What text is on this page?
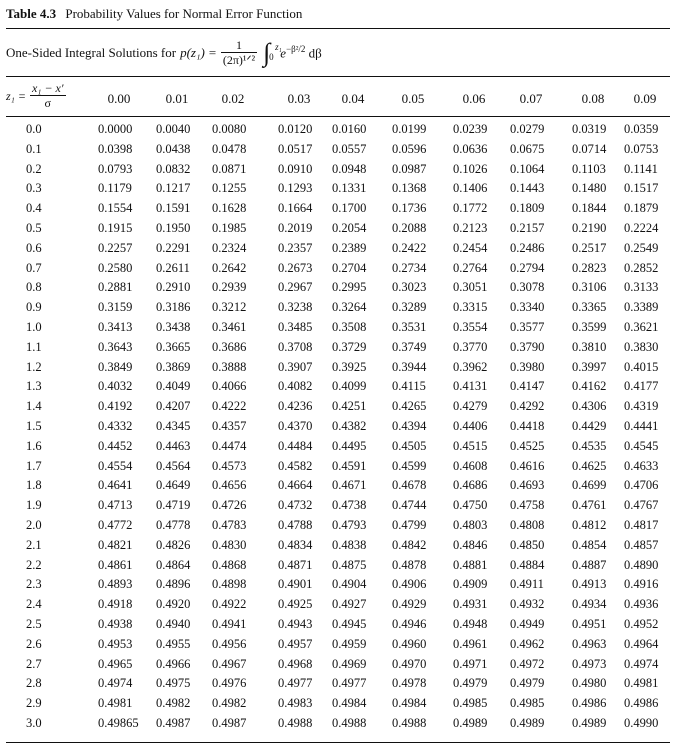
Table 4.3 Probability Values for Normal Error Function
One-Sided Integral Solutions for $p(z_1) = \frac{1}{\text{(2π)¹ᐟ²}}$ ∫ z₁
0 $e^{-\beta^2/2}$ dβ
$z_1 = \frac{\text{x₁ − x′}}{\sigma}$	0.00	0.01	0.02	0.03	0.04	0.05	0.06	0.07	0.08	0.09
0.0	0.0000	0.0040	0.0080	0.0120	0.0160	0.0199	0.0239	0.0279	0.0319	0.0359
0.1	0.0398	0.0438	0.0478	0.0517	0.0557	0.0596	0.0636	0.0675	0.0714	0.0753
0.2	0.0793	0.0832	0.0871	0.0910	0.0948	0.0987	0.1026	0.1064	0.1103	0.1141
0.3	0.1179	0.1217	0.1255	0.1293	0.1331	0.1368	0.1406	0.1443	0.1480	0.1517
0.4	0.1554	0.1591	0.1628	0.1664	0.1700	0.1736	0.1772	0.1809	0.1844	0.1879
0.5	0.1915	0.1950	0.1985	0.2019	0.2054	0.2088	0.2123	0.2157	0.2190	0.2224
0.6	0.2257	0.2291	0.2324	0.2357	0.2389	0.2422	0.2454	0.2486	0.2517	0.2549
0.7	0.2580	0.2611	0.2642	0.2673	0.2704	0.2734	0.2764	0.2794	0.2823	0.2852
0.8	0.2881	0.2910	0.2939	0.2967	0.2995	0.3023	0.3051	0.3078	0.3106	0.3133
0.9	0.3159	0.3186	0.3212	0.3238	0.3264	0.3289	0.3315	0.3340	0.3365	0.3389
1.0	0.3413	0.3438	0.3461	0.3485	0.3508	0.3531	0.3554	0.3577	0.3599	0.3621
1.1	0.3643	0.3665	0.3686	0.3708	0.3729	0.3749	0.3770	0.3790	0.3810	0.3830
1.2	0.3849	0.3869	0.3888	0.3907	0.3925	0.3944	0.3962	0.3980	0.3997	0.4015
1.3	0.4032	0.4049	0.4066	0.4082	0.4099	0.4115	0.4131	0.4147	0.4162	0.4177
1.4	0.4192	0.4207	0.4222	0.4236	0.4251	0.4265	0.4279	0.4292	0.4306	0.4319
1.5	0.4332	0.4345	0.4357	0.4370	0.4382	0.4394	0.4406	0.4418	0.4429	0.4441
1.6	0.4452	0.4463	0.4474	0.4484	0.4495	0.4505	0.4515	0.4525	0.4535	0.4545
1.7	0.4554	0.4564	0.4573	0.4582	0.4591	0.4599	0.4608	0.4616	0.4625	0.4633
1.8	0.4641	0.4649	0.4656	0.4664	0.4671	0.4678	0.4686	0.4693	0.4699	0.4706
1.9	0.4713	0.4719	0.4726	0.4732	0.4738	0.4744	0.4750	0.4758	0.4761	0.4767
2.0	0.4772	0.4778	0.4783	0.4788	0.4793	0.4799	0.4803	0.4808	0.4812	0.4817
2.1	0.4821	0.4826	0.4830	0.4834	0.4838	0.4842	0.4846	0.4850	0.4854	0.4857
2.2	0.4861	0.4864	0.4868	0.4871	0.4875	0.4878	0.4881	0.4884	0.4887	0.4890
2.3	0.4893	0.4896	0.4898	0.4901	0.4904	0.4906	0.4909	0.4911	0.4913	0.4916
2.4	0.4918	0.4920	0.4922	0.4925	0.4927	0.4929	0.4931	0.4932	0.4934	0.4936
2.5	0.4938	0.4940	0.4941	0.4943	0.4945	0.4946	0.4948	0.4949	0.4951	0.4952
2.6	0.4953	0.4955	0.4956	0.4957	0.4959	0.4960	0.4961	0.4962	0.4963	0.4964
2.7	0.4965	0.4966	0.4967	0.4968	0.4969	0.4970	0.4971	0.4972	0.4973	0.4974
2.8	0.4974	0.4975	0.4976	0.4977	0.4977	0.4978	0.4979	0.4979	0.4980	0.4981
2.9	0.4981	0.4982	0.4982	0.4983	0.4984	0.4984	0.4985	0.4985	0.4986	0.4986
3.0	0.49865	0.4987	0.4987	0.4988	0.4988	0.4988	0.4989	0.4989	0.4989	0.4990
